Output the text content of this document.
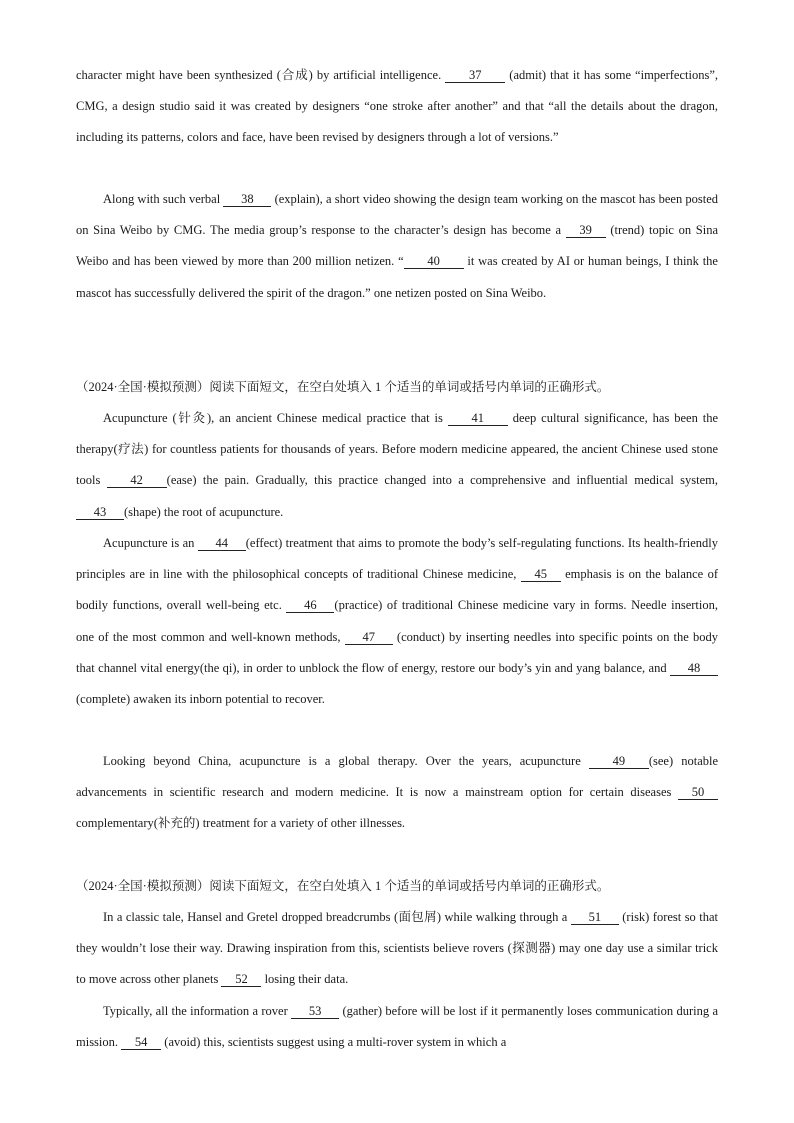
character might have been synthesized (合成) by artificial intelligence. 37 (admit) that it has some “imperfections”, CMG, a design studio said it was created by designers “one stroke after another” and that “all the details about the dragon, including its patterns, colors and face, have been revised by designers through a lot of versions.”

Along with such verbal 38 (explain), a short video showing the design team working on the mascot has been posted on Sina Weibo by CMG. The media group’s response to the character’s design has become a 39 (trend) topic on Sina Weibo and has been viewed by more than 200 million netizen. “ 40 it was created by AI or human beings, I think the mascot has successfully delivered the spirit of the dragon.” one netizen posted on Sina Weibo.

（2024·全国·模拟预测）阅读下面短文，在空白处填入 1 个适当的单词或括号内单词的正确形式。

Acupuncture (针灸), an ancient Chinese medical practice that is 41 deep cultural significance, has been the therapy(疗法) for countless patients for thousands of years. Before modern medicine appeared, the ancient Chinese used stone tools 42 (ease) the pain. Gradually, this practice changed into a comprehensive and influential medical system, 43 (shape) the root of acupuncture.

Acupuncture is an 44 (effect) treatment that aims to promote the body’s self-regulating functions. Its health-friendly principles are in line with the philosophical concepts of traditional Chinese medicine, 45 emphasis is on the balance of bodily functions, overall well-being etc. 46 (practice) of traditional Chinese medicine vary in forms. Needle insertion, one of the most common and well-known methods, 47 (conduct) by inserting needles into specific points on the body that channel vital energy(the qi), in order to unblock the flow of energy, restore our body’s yin and yang balance, and 48(complete) awaken its inborn potential to recover.

Looking beyond China, acupuncture is a global therapy. Over the years, acupuncture	49 (see) notable advancements in scientific research and modern medicine. It is now a mainstream option for certain diseases 50 complementary(补充的) treatment for a variety of other illnesses.

（2024·全国·模拟预测）阅读下面短文，在空白处填入 1 个适当的单词或括号内单词的正确形式。

In a classic tale, Hansel and Gretel dropped breadcrumbs (面包屑) while walking through a 51 (risk) forest so that they wouldn’t lose their way. Drawing inspiration from this, scientists believe rovers (探测器) may one day use a similar trick to move across other planets 52 losing their data.

Typically, all the information a rover 53 (gather) before will be lost if it permanently loses communication during a mission. 54 (avoid) this, scientists suggest using a multi-rover system in which a
